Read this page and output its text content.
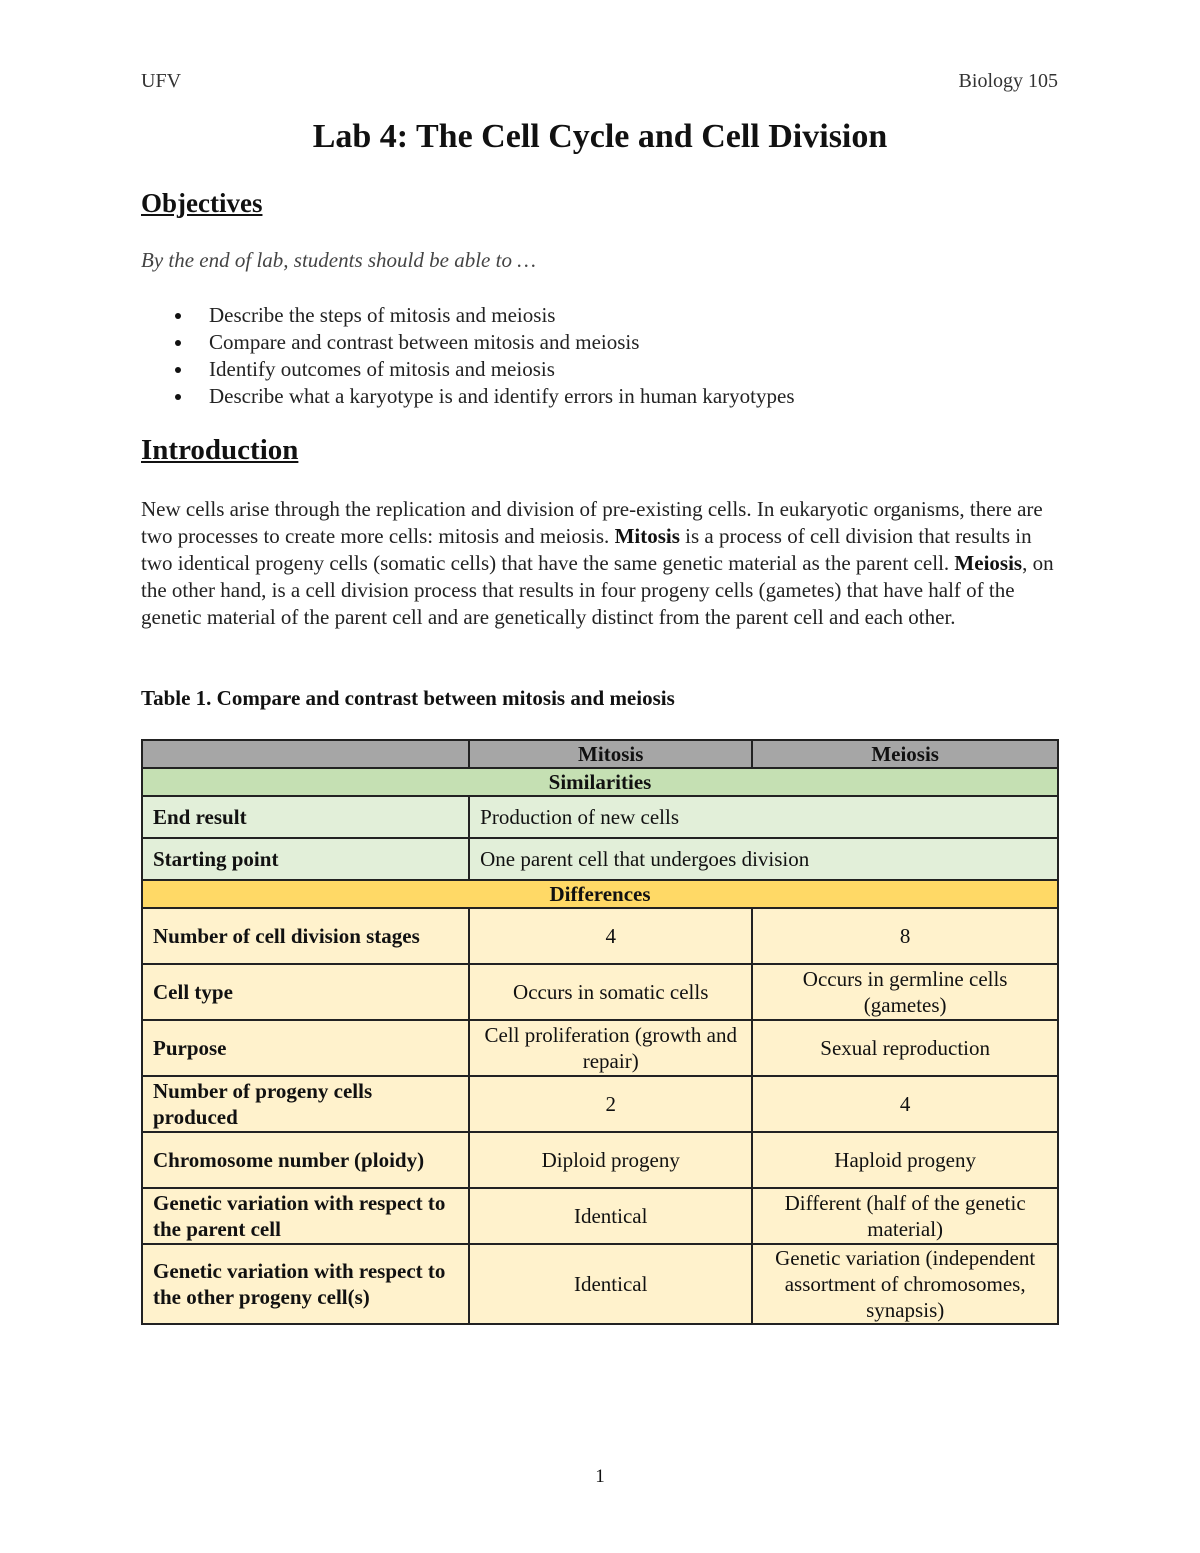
UFV	Biology 105
Lab 4: The Cell Cycle and Cell Division
Objectives

By the end of lab, students should be able to …

Describe the steps of mitosis and meiosis
Compare and contrast between mitosis and meiosis
Identify outcomes of mitosis and meiosis
Describe what a karyotype is and identify errors in human karyotypes
Introduction

New cells arise through the replication and division of pre-existing cells. In eukaryotic organisms, there are two processes to create more cells: mitosis and meiosis. Mitosis is a process of cell division that results in two identical progeny cells (somatic cells) that have the same genetic material as the parent cell. Meiosis, on the other hand, is a cell division process that results in four progeny cells (gametes) that have half of the genetic material of the parent cell and are genetically distinct from the parent cell and each other.

Table 1. Compare and contrast between mitosis and meiosis

	Mitosis	Meiosis
Similarities		
End result	Production of new cells	
Starting point	One parent cell that undergoes division	
Differences		
Number of cell division stages	4	8
Cell type	Occurs in somatic cells	Occurs in germline cells (gametes)
Purpose	Cell proliferation (growth and repair)	Sexual reproduction
Number of progeny cells produced	2	4
Chromosome number (ploidy)	Diploid progeny	Haploid progeny
Genetic variation with respect to the parent cell	Identical	Different (half of the genetic material)
Genetic variation with respect to the other progeny cell(s)	Identical	Genetic variation (independent assortment of chromosomes, synapsis)
1
